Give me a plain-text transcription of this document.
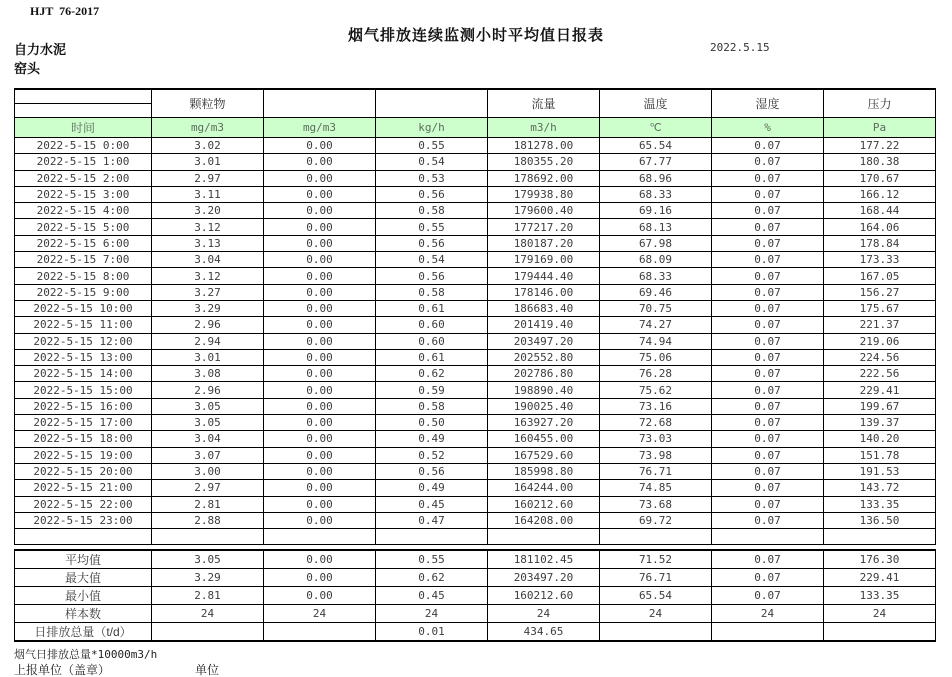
HJT  76-2017
烟气排放连续监测小时平均值日报表
2022.5.15
自力水泥
窑头
	颗粒物			流量	温度	湿度	压力

时间	mg/m3	mg/m3	kg/h	m3/h	℃	%	Pa
2022-5-15 0:00	3.02	0.00	0.55	181278.00	65.54	0.07	177.22
2022-5-15 1:00	3.01	0.00	0.54	180355.20	67.77	0.07	180.38
2022-5-15 2:00	2.97	0.00	0.53	178692.00	68.96	0.07	170.67
2022-5-15 3:00	3.11	0.00	0.56	179938.80	68.33	0.07	166.12
2022-5-15 4:00	3.20	0.00	0.58	179600.40	69.16	0.07	168.44
2022-5-15 5:00	3.12	0.00	0.55	177217.20	68.13	0.07	164.06
2022-5-15 6:00	3.13	0.00	0.56	180187.20	67.98	0.07	178.84
2022-5-15 7:00	3.04	0.00	0.54	179169.00	68.09	0.07	173.33
2022-5-15 8:00	3.12	0.00	0.56	179444.40	68.33	0.07	167.05
2022-5-15 9:00	3.27	0.00	0.58	178146.00	69.46	0.07	156.27
2022-5-15 10:00	3.29	0.00	0.61	186683.40	70.75	0.07	175.67
2022-5-15 11:00	2.96	0.00	0.60	201419.40	74.27	0.07	221.37
2022-5-15 12:00	2.94	0.00	0.60	203497.20	74.94	0.07	219.06
2022-5-15 13:00	3.01	0.00	0.61	202552.80	75.06	0.07	224.56
2022-5-15 14:00	3.08	0.00	0.62	202786.80	76.28	0.07	222.56
2022-5-15 15:00	2.96	0.00	0.59	198890.40	75.62	0.07	229.41
2022-5-15 16:00	3.05	0.00	0.58	190025.40	73.16	0.07	199.67
2022-5-15 17:00	3.05	0.00	0.50	163927.20	72.68	0.07	139.37
2022-5-15 18:00	3.04	0.00	0.49	160455.00	73.03	0.07	140.20
2022-5-15 19:00	3.07	0.00	0.52	167529.60	73.98	0.07	151.78
2022-5-15 20:00	3.00	0.00	0.56	185998.80	76.71	0.07	191.53
2022-5-15 21:00	2.97	0.00	0.49	164244.00	74.85	0.07	143.72
2022-5-15 22:00	2.81	0.00	0.45	160212.60	73.68	0.07	133.35
2022-5-15 23:00	2.88	0.00	0.47	164208.00	69.72	0.07	136.50

平均值	3.05	0.00	0.55	181102.45	71.52	0.07	176.30
最大值	3.29	0.00	0.62	203497.20	76.71	0.07	229.41
最小值	2.81	0.00	0.45	160212.60	65.54	0.07	133.35
样本数	24	24	24	24	24	24	24
日排放总量（t/d）			0.01	434.65			
烟气日排放总量*10000m3/h
上报单位（盖章）	单位
